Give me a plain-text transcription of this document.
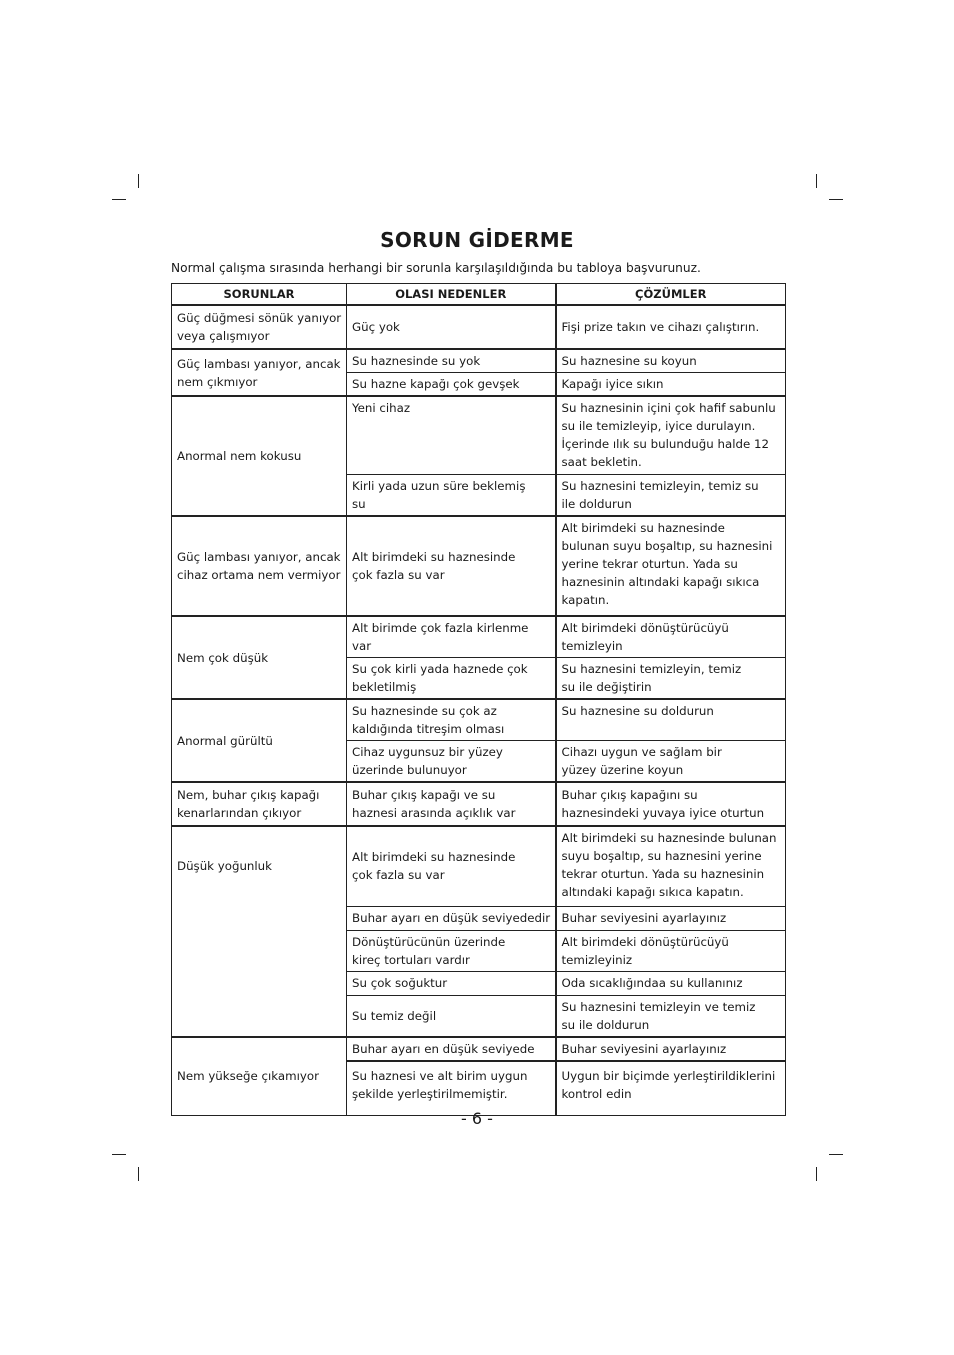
SORUN GİDERME
Normal çalışma sırasında herhangi bir sorunla karşılaşıldığında bu tabloya başvurunuz.
SORUNLAR	OLASI NEDENLER	ÇÖZÜMLER
Güç düğmesi sönük yanıyor
veya çalışmıyor	Güç yok	Fişi prize takın ve cihazı çalıştırın.
Güç lambası yanıyor, ancak
nem çıkmıyor	Su haznesinde su yok	Su haznesine su koyun
	Su hazne kapağı çok gevşek	Kapağı iyice sıkın
Anormal nem kokusu	Yeni cihaz	Su haznesinin içini çok hafif sabunlu
su ile temizleyip, iyice durulayın.
İçerinde ılık su bulunduğu halde 12
saat bekletin.
	Kirli yada uzun süre beklemiş
su	Su haznesini temizleyin, temiz su
ile doldurun
Güç lambası yanıyor, ancak
cihaz ortama nem vermiyor	Alt birimdeki su haznesinde
çok fazla su var	Alt birimdeki su haznesinde
bulunan suyu boşaltıp, su haznesini
yerine tekrar oturtun. Yada su
haznesinin altındaki kapağı sıkıca
kapatın.
Nem çok düşük	Alt birimde çok fazla kirlenme
var	Alt birimdeki dönüştürücüyü
temizleyin
	Su çok kirli yada haznede çok
bekletilmiş	Su haznesini temizleyin, temiz
su ile değiştirin
Anormal gürültü	Su haznesinde su çok az
kaldığında titreşim olması	Su haznesine su doldurun
	Cihaz uygunsuz bir yüzey
üzerinde bulunuyor	Cihazı uygun ve sağlam bir
yüzey üzerine koyun
Nem, buhar çıkış kapağı
kenarlarından çıkıyor	Buhar çıkış kapağı ve su
haznesi arasında açıklık var	Buhar çıkış kapağını su
haznesindeki yuvaya iyice oturtun
Düşük yoğunluk	Alt birimdeki su haznesinde
çok fazla su var	Alt birimdeki su haznesinde bulunan
suyu boşaltıp, su haznesini yerine
tekrar oturtun. Yada su haznesinin
altındaki kapağı sıkıca kapatın.
	Buhar ayarı en düşük seviyededir	Buhar seviyesini ayarlayınız
	Dönüştürücünün üzerinde
kireç tortuları vardır	Alt birimdeki dönüştürücüyü
temizleyiniz
	Su çok soğuktur	Oda sıcaklığındaa su kullanınız
	Su temiz değil	Su haznesini temizleyin ve temiz
su ile doldurun
Nem yükseğe çıkamıyor	Buhar ayarı en düşük seviyede	Buhar seviyesini ayarlayınız
	Su haznesi ve alt birim uygun
şekilde yerleştirilmemiştir.	Uygun bir biçimde yerleştirildiklerini
kontrol edin
- 6 -
